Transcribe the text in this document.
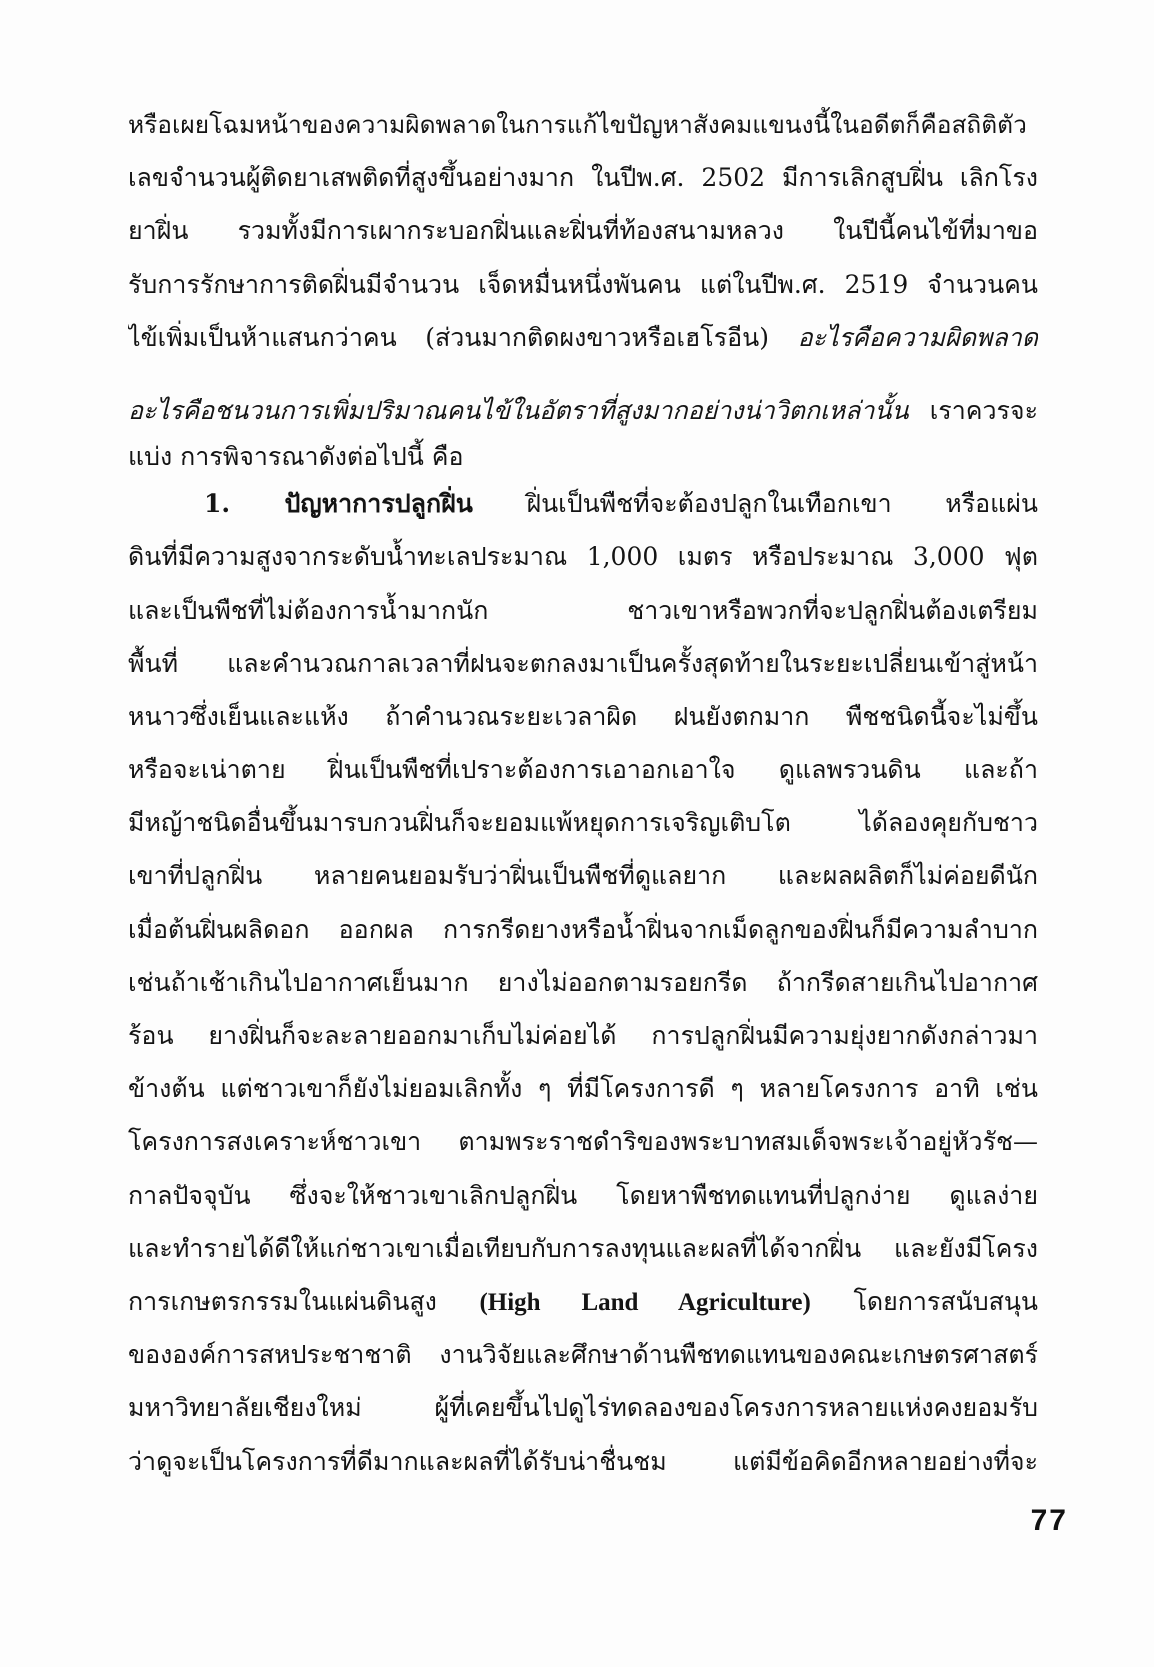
หรือเผยโฉมหน้าของความผิดพลาดในการแก้ไขปัญหาสังคมแขนงนี้ในอดีตก็คือสถิติตัว
เลขจำนวนผู้ติดยาเสพติดที่สูงขึ้นอย่างมาก ในปีพ.ศ. 2502 มีการเลิกสูบฝิ่น เลิกโรง
ยาฝิ่น รวมทั้งมีการเผากระบอกฝิ่นและฝิ่นที่ท้องสนามหลวง ในปีนี้คนไข้ที่มาขอ
รับการรักษาการติดฝิ่นมีจำนวน เจ็ดหมื่นหนึ่งพันคน แต่ในปีพ.ศ. 2519 จำนวนคน
ไข้เพิ่มเป็นห้าแสนกว่าคน (ส่วนมากติดผงขาวหรือเฮโรอีน) อะไรคือความผิดพลาด
อะไรคือชนวนการเพิ่มปริมาณคนไข้ในอัตราที่สูงมากอย่างน่าวิตกเหล่านั้น เราควรจะ
แบ่ง การพิจารณาดังต่อไปนี้ คือ
1. ปัญหาการปลูกฝิ่น ฝิ่นเป็นพืชที่จะต้องปลูกในเทือกเขา หรือแผ่น
ดินที่มีความสูงจากระดับน้ำทะเลประมาณ 1,000 เมตร หรือประมาณ 3,000 ฟุต
และเป็นพืชที่ไม่ต้องการน้ำมากนัก ชาวเขาหรือพวกที่จะปลูกฝิ่นต้องเตรียม
พื้นที่ และคำนวณกาลเวลาที่ฝนจะตกลงมาเป็นครั้งสุดท้ายในระยะเปลี่ยนเข้าสู่หน้า
หนาวซึ่งเย็นและแห้ง ถ้าคำนวณระยะเวลาผิด ฝนยังตกมาก พืชชนิดนี้จะไม่ขึ้น
หรือจะเน่าตาย ฝิ่นเป็นพืชที่เปราะต้องการเอาอกเอาใจ ดูแลพรวนดิน และถ้า
มีหญ้าชนิดอื่นขึ้นมารบกวนฝิ่นก็จะยอมแพ้หยุดการเจริญเติบโต ได้ลองคุยกับชาว
เขาที่ปลูกฝิ่น หลายคนยอมรับว่าฝิ่นเป็นพืชที่ดูแลยาก และผลผลิตก็ไม่ค่อยดีนัก
เมื่อต้นฝิ่นผลิดอก ออกผล การกรีดยางหรือน้ำฝิ่นจากเม็ดลูกของฝิ่นก็มีความลำบาก
เช่นถ้าเช้าเกินไปอากาศเย็นมาก ยางไม่ออกตามรอยกรีด ถ้ากรีดสายเกินไปอากาศ
ร้อน ยางฝิ่นก็จะละลายออกมาเก็บไม่ค่อยได้ การปลูกฝิ่นมีความยุ่งยากดังกล่าวมา
ข้างต้น แต่ชาวเขาก็ยังไม่ยอมเลิกทั้ง ๆ ที่มีโครงการดี ๆ หลายโครงการ อาทิ เช่น
โครงการสงเคราะห์ชาวเขา ตามพระราชดำริของพระบาทสมเด็จพระเจ้าอยู่หัวรัช—
กาลปัจจุบัน ซึ่งจะให้ชาวเขาเลิกปลูกฝิ่น โดยหาพืชทดแทนที่ปลูกง่าย ดูแลง่าย
และทำรายได้ดีให้แก่ชาวเขาเมื่อเทียบกับการลงทุนและผลที่ได้จากฝิ่น และยังมีโครง
การเกษตรกรรมในแผ่นดินสูง (High Land Agriculture) โดยการสนับสนุน
ขององค์การสหประชาชาติ งานวิจัยและศึกษาด้านพืชทดแทนของคณะเกษตรศาสตร์
มหาวิทยาลัยเชียงใหม่ ผู้ที่เคยขึ้นไปดูไร่ทดลองของโครงการหลายแห่งคงยอมรับ
ว่าดูจะเป็นโครงการที่ดีมากและผลที่ได้รับน่าชื่นชม แต่มีข้อคิดอีกหลายอย่างที่จะ
77
